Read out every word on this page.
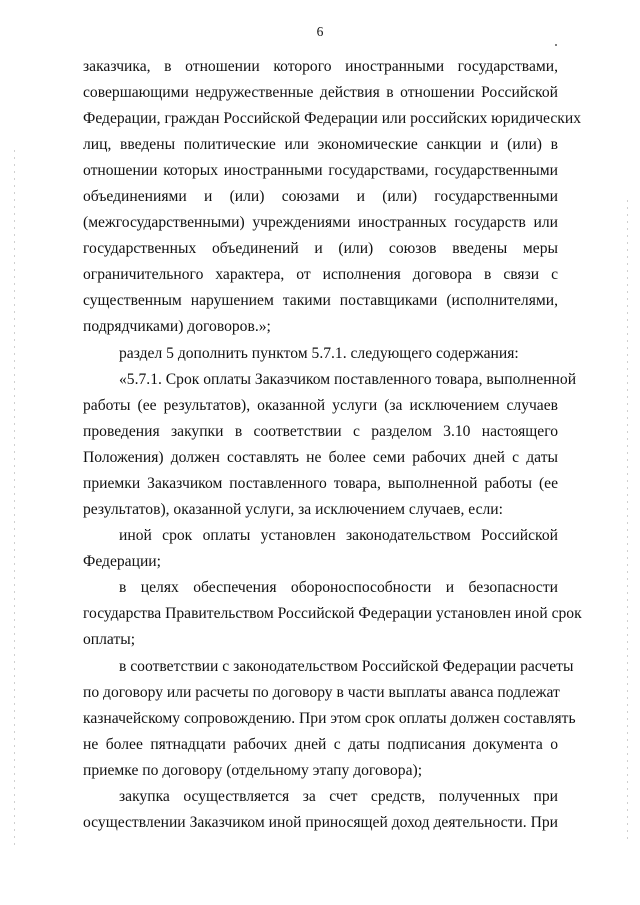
6
заказчика, в отношении которого иностранными государствами,
совершающими недружественные действия в отношении Российской
Федерации, граждан Российской Федерации или российских юридических
лиц, введены политические или экономические санкции и (или) в
отношении которых иностранными государствами, государственными
объединениями и (или) союзами и (или) государственными
(межгосударственными) учреждениями иностранных государств или
государственных объединений и (или) союзов введены меры
ограничительного характера, от исполнения договора в связи с
существенным нарушением такими поставщиками (исполнителями,
подрядчиками) договоров.»;
раздел 5 дополнить пунктом 5.7.1. следующего содержания:
«5.7.1. Срок оплаты Заказчиком поставленного товара, выполненной
работы (ее результатов), оказанной услуги (за исключением случаев
проведения закупки в соответствии с разделом 3.10 настоящего
Положения) должен составлять не более семи рабочих дней с даты
приемки Заказчиком поставленного товара, выполненной работы (ее
результатов), оказанной услуги, за исключением случаев, если:
иной срок оплаты установлен законодательством Российской
Федерации;
в целях обеспечения обороноспособности и безопасности
государства Правительством Российской Федерации установлен иной срок
оплаты;
в соответствии с законодательством Российской Федерации расчеты
по договору или расчеты по договору в части выплаты аванса подлежат
казначейскому сопровождению. При этом срок оплаты должен составлять
не более пятнадцати рабочих дней с даты подписания документа о
приемке по договору (отдельному этапу договора);
закупка осуществляется за счет средств, полученных при
осуществлении Заказчиком иной приносящей доход деятельности. При
